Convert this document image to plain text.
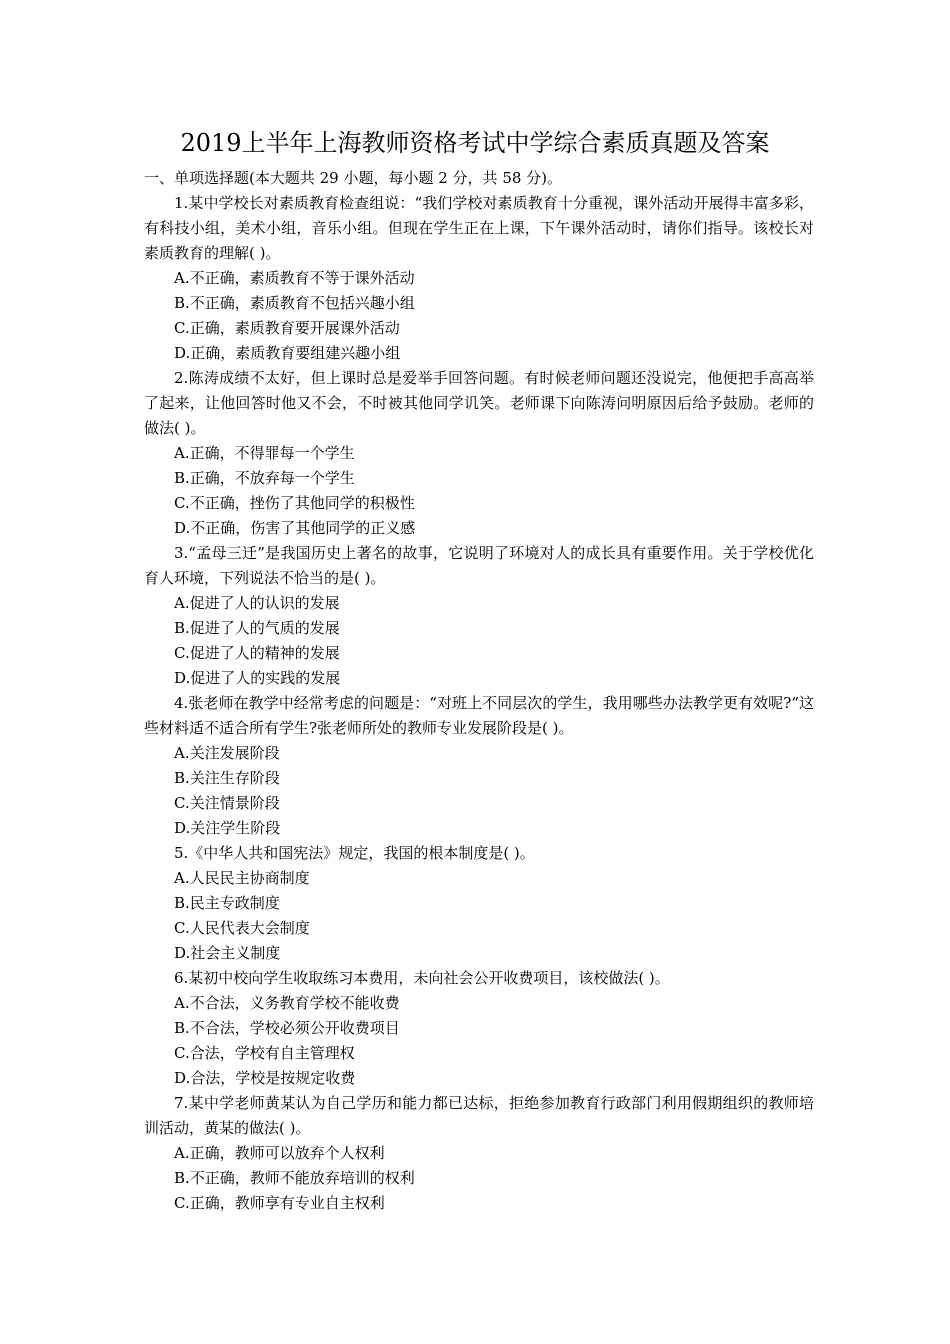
2019上半年上海教师资格考试中学综合素质真题及答案

一、单项选择题(本大题共 29 小题，每小题 2 分，共 58 分)。

1.某中学校长对素质教育检查组说：“我们学校对素质教育十分重视，课外活动开展得丰富多彩，有科技小组，美术小组，音乐小组。但现在学生正在上课，下午课外活动时，请你们指导。该校长对素质教育的理解( )。

A.不正确，素质教育不等于课外活动

B.不正确，素质教育不包括兴趣小组

C.正确，素质教育要开展课外活动

D.正确，素质教育要组建兴趣小组

2.陈涛成绩不太好，但上课时总是爱举手回答问题。有时候老师问题还没说完，他便把手高高举了起来，让他回答时他又不会，不时被其他同学讥笑。老师课下向陈涛问明原因后给予鼓励。老师的做法( )。

A.正确，不得罪每一个学生

B.正确，不放弃每一个学生

C.不正确，挫伤了其他同学的积极性

D.不正确，伤害了其他同学的正义感

3.“孟母三迁”是我国历史上著名的故事，它说明了环境对人的成长具有重要作用。关于学校优化育人环境，下列说法不恰当的是( )。

A.促进了人的认识的发展

B.促进了人的气质的发展

C.促进了人的精神的发展

D.促进了人的实践的发展

4.张老师在教学中经常考虑的问题是：“对班上不同层次的学生，我用哪些办法教学更有效呢?“这些材料适不适合所有学生?张老师所处的教师专业发展阶段是( )。

A.关注发展阶段

B.关注生存阶段

C.关注情景阶段

D.关注学生阶段

5.《中华人共和国宪法》规定，我国的根本制度是( )。

A.人民民主协商制度

B.民主专政制度

C.人民代表大会制度

D.社会主义制度

6.某初中校向学生收取练习本费用，未向社会公开收费项目，该校做法( )。

A.不合法，义务教育学校不能收费

B.不合法，学校必须公开收费项目

C.合法，学校有自主管理权

D.合法，学校是按规定收费

7.某中学老师黄某认为自己学历和能力都已达标，拒绝参加教育行政部门利用假期组织的教师培训活动，黄某的做法( )。

A.正确，教师可以放弃个人权利

B.不正确，教师不能放弃培训的权利

C.正确，教师享有专业自主权利
